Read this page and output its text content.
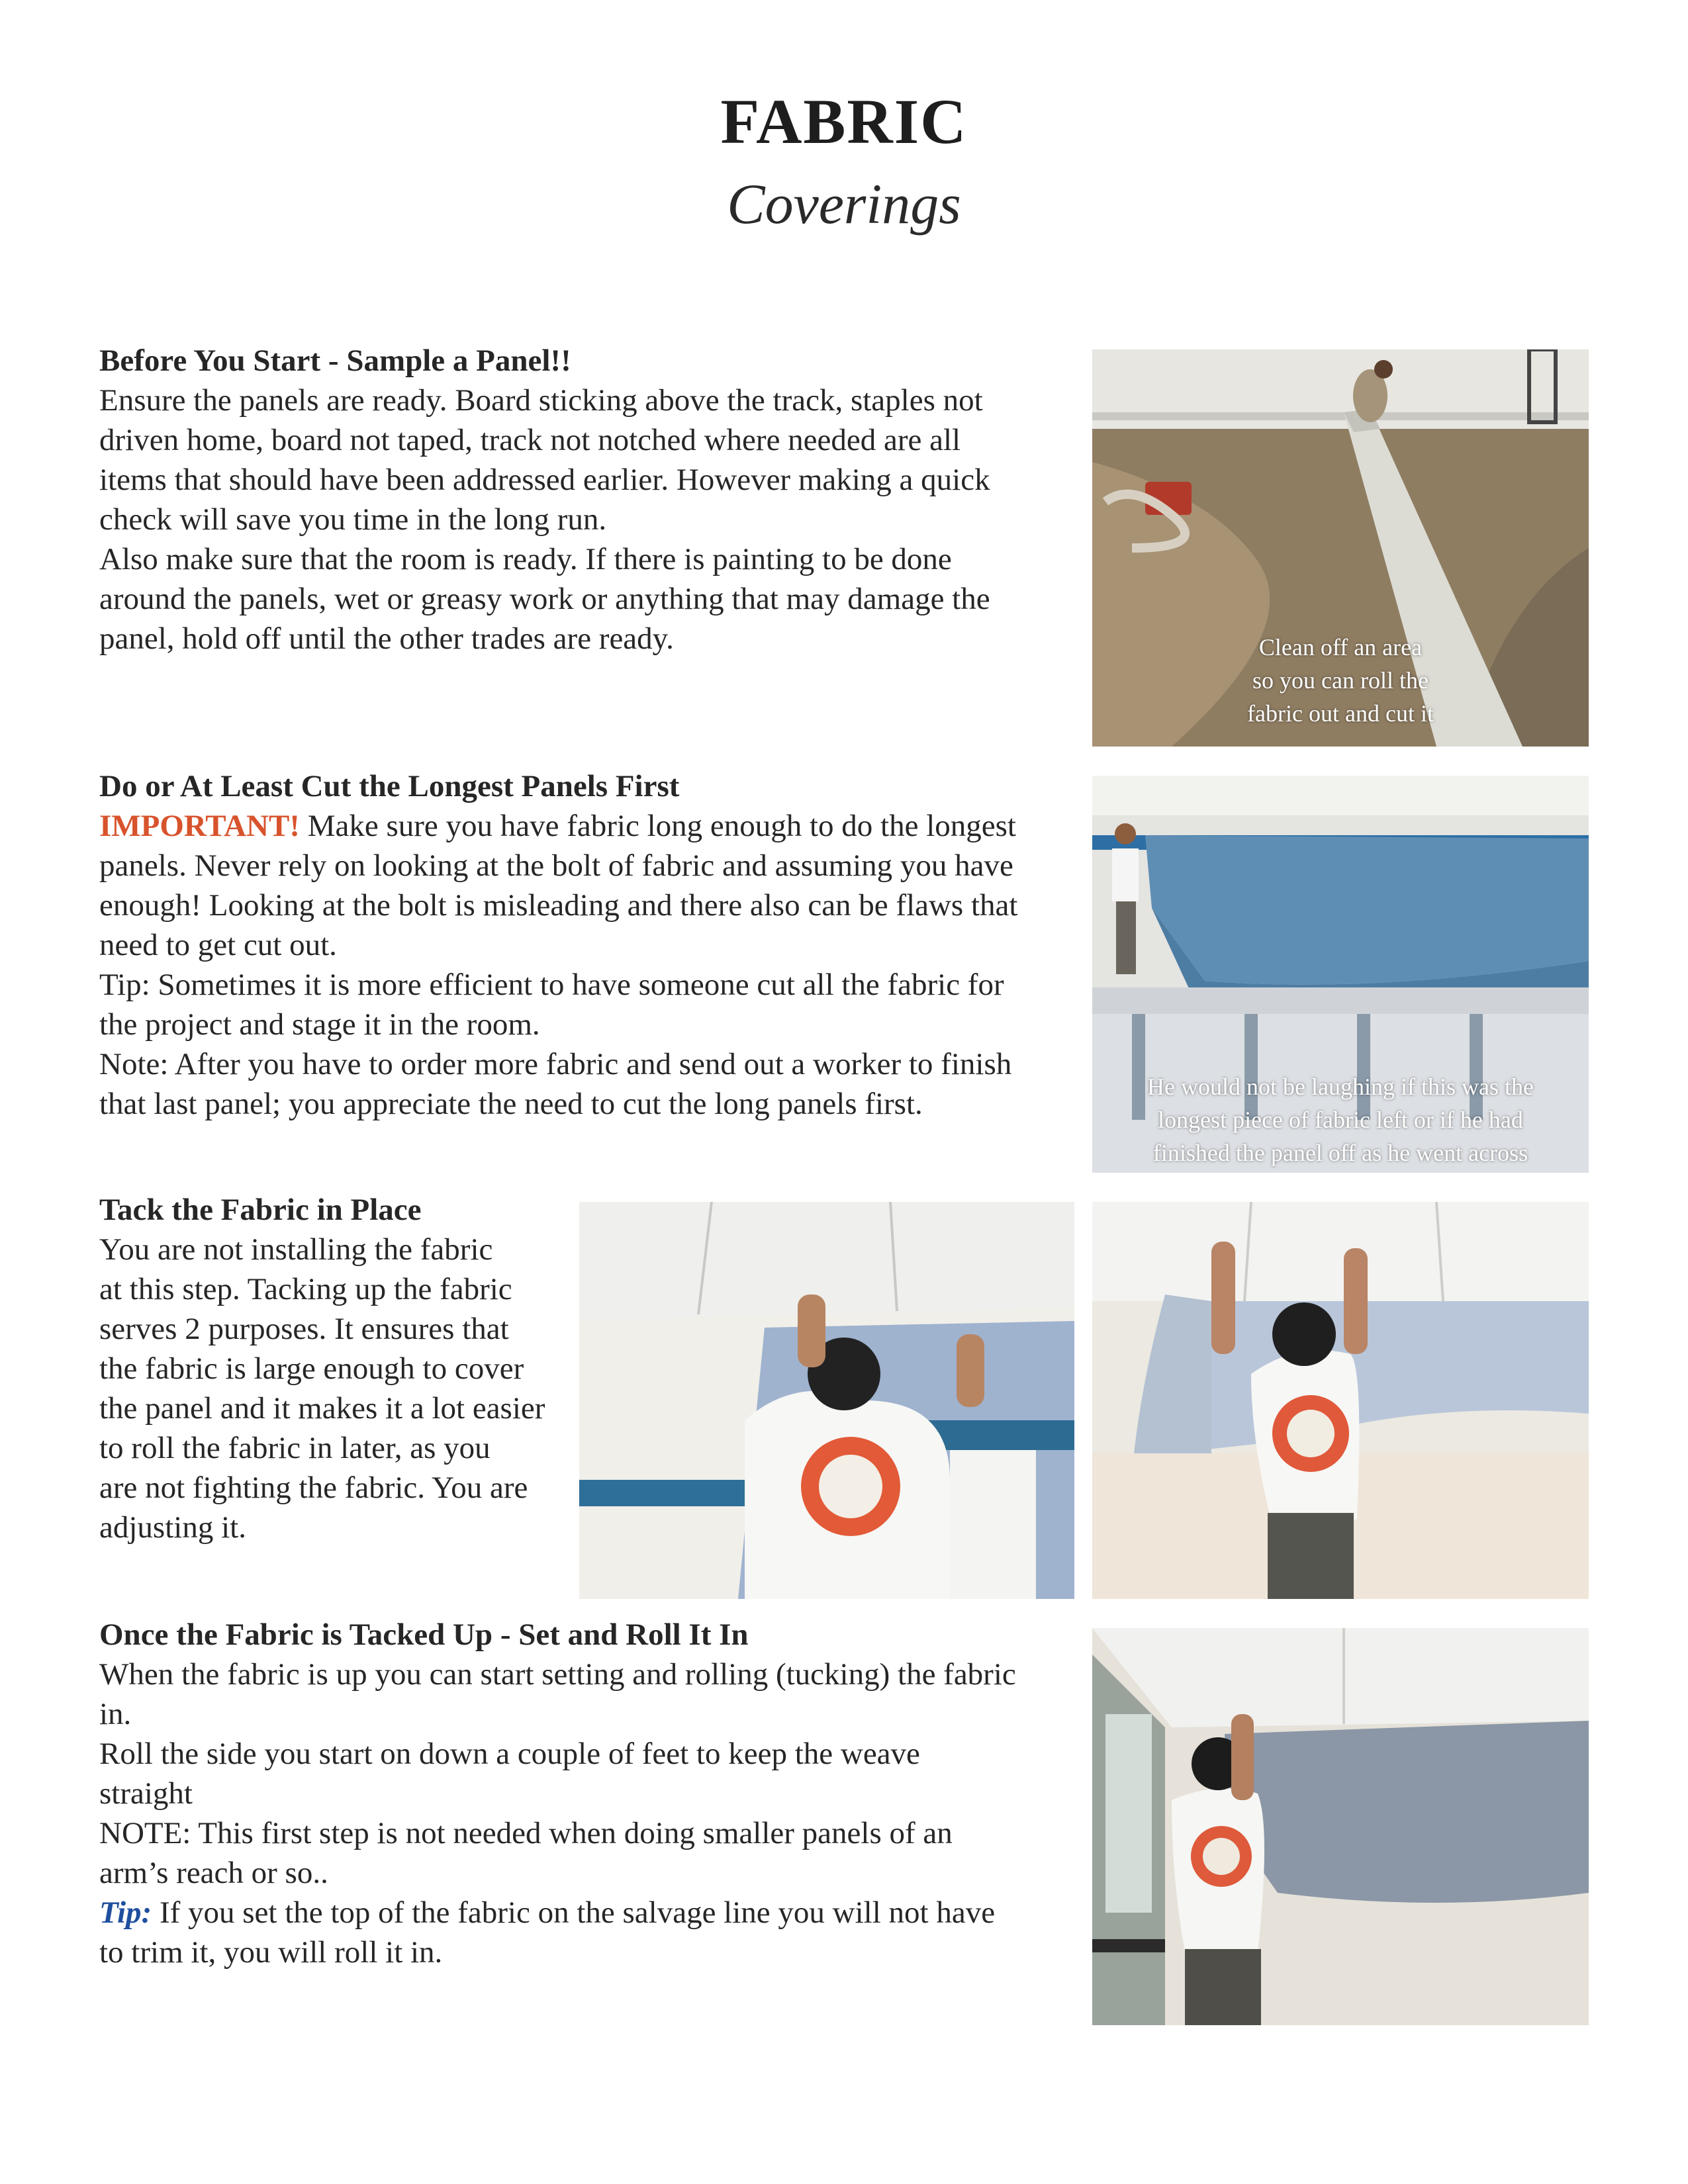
FABRIC
Coverings

Before You Start - Sample a Panel!!

Ensure the panels are ready. Board sticking above the track, staples not

driven home, board not taped, track not notched where needed are all

items that should have been addressed earlier. However making a quick

check will save you time in the long run.

Also make sure that the room is ready. If there is painting to be done

around the panels, wet or greasy work or anything that may damage the

panel, hold off until the other trades are ready.

Do or At Least Cut the Longest Panels First

IMPORTANT! Make sure you have fabric long enough to do the longest

panels. Never rely on looking at the bolt of fabric and assuming you have

enough! Looking at the bolt is misleading and there also can be flaws that

need to get cut out.

Tip: Sometimes it is more efficient to have someone cut all the fabric for

the project and stage it in the room.

Note: After you have to order more fabric and send out a worker to finish

that last panel; you appreciate the need to cut the long panels first.

Tack the Fabric in Place

You are not installing the fabric

at this step. Tacking up the fabric

serves 2 purposes. It ensures that

the fabric is large enough to cover

the panel and it makes it a lot easier

to roll the fabric in later, as you

are not fighting the fabric. You are

adjusting it.

Once the Fabric is Tacked Up - Set and Roll It In

When the fabric is up you can start setting and rolling (tucking) the fabric

in.

Roll the side you start on down a couple of feet to keep the weave

straight

NOTE: This first step is not needed when doing smaller panels of an

arm’s reach or so..

Tip: If you set the top of the fabric on the salvage line you will not have

to trim it, you will roll it in.

Clean off an area
so you can roll the
fabric out and cut it
He would not be laughing if this was the
longest piece of fabric left or if he had
finished the panel off as he went across
